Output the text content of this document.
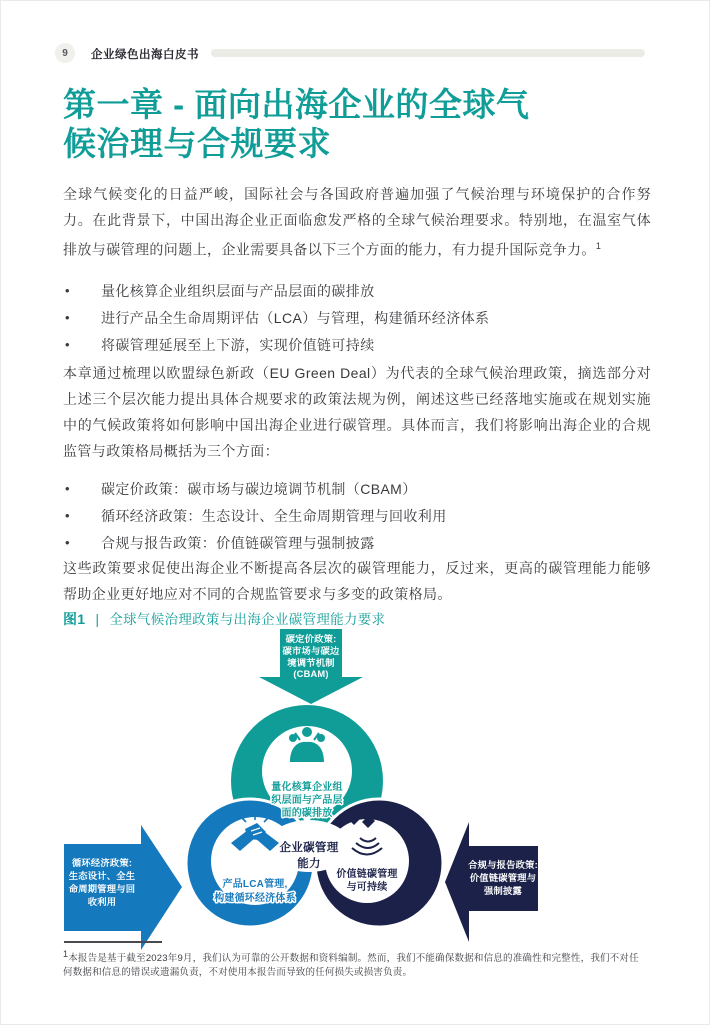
9	企业绿色出海白皮书
第一章 - 面向出海企业的全球气
候治理与合规要求
全球气候变化的日益严峻，国际社会与各国政府普遍加强了气候治理与环境保护的合作努力。在此背景下，中国出海企业正面临愈发严格的全球气候治理要求。特别地，在温室气体排放与碳管理的问题上，企业需要具备以下三个方面的能力，有力提升国际竞争力。$^1$
• 量化核算企业组织层面与产品层面的碳排放
• 进行产品全生命周期评估（LCA）与管理，构建循环经济体系
• 将碳管理延展至上下游，实现价值链可持续
本章通过梳理以欧盟绿色新政（EU Green Deal）为代表的全球气候治理政策，摘选部分对上述三个层次能力提出具体合规要求的政策法规为例，阐述这些已经落地实施或在规划实施中的气候政策将如何影响中国出海企业进行碳管理。具体而言，我们将影响出海企业的合规监管与政策格局概括为三个方面：
• 碳定价政策：碳市场与碳边境调节机制（CBAM）
• 循环经济政策：生态设计、全生命周期管理与回收利用
• 合规与报告政策：价值链碳管理与强制披露
这些政策要求促使出海企业不断提高各层次的碳管理能力，反过来，更高的碳管理能力能够帮助企业更好地应对不同的合规监管要求与多变的政策格局。
图1 | 全球气候治理政策与出海企业碳管理能力要求
碳定价政策:
碳市场与碳边
境调节机制
(CBAM)
量化核算企业组
织层面与产品层
面的碳排放
产品LCA管理,
构建循环经济体系
价值链碳管理
与可持续
企业碳管理
能力
循环经济政策:
生态设计、全生
命周期管理与回
收利用
合规与报告政策:
价值链碳管理与
强制披露
$^1$本报告是基于截至2023年9月，我们认为可靠的公开数据和资料编制。然而，我们不能确保数据和信息的准确性和完整性，我们不对任何数据和信息的错误或遗漏负责，不对使用本报告而导致的任何损失或损害负责。
